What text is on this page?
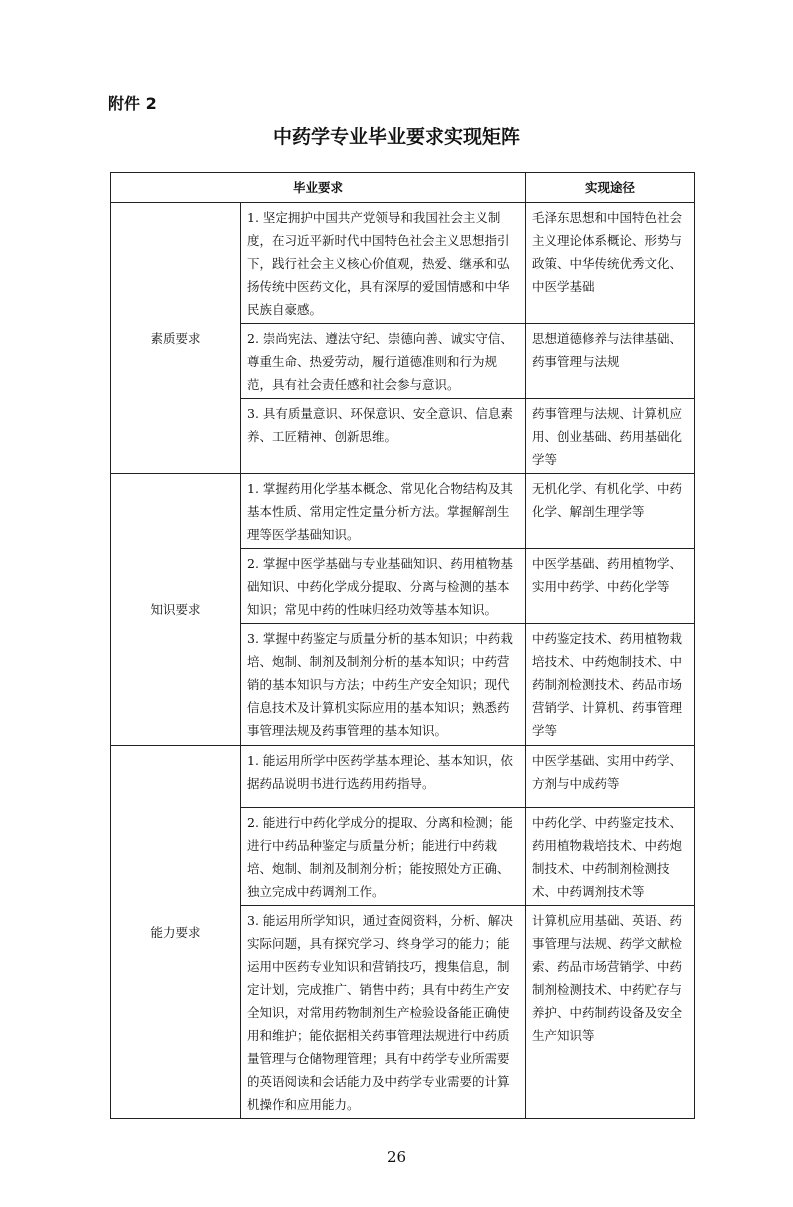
附件 2
中药学专业毕业要求实现矩阵
毕业要求		实现途径
素质要求	1. 坚定拥护中国共产党领导和我国社会主义制度，在习近平新时代中国特色社会主义思想指引下，践行社会主义核心价值观，热爱、继承和弘扬传统中医药文化，具有深厚的爱国情感和中华民族自豪感。	毛泽东思想和中国特色社会主义理论体系概论、形势与政策、中华传统优秀文化、中医学基础
	2. 崇尚宪法、遵法守纪、崇德向善、诚实守信、尊重生命、热爱劳动，履行道德准则和行为规范，具有社会责任感和社会参与意识。	思想道德修养与法律基础、药事管理与法规
	3. 具有质量意识、环保意识、安全意识、信息素养、工匠精神、创新思维。	药事管理与法规、计算机应用、创业基础、药用基础化学等
知识要求	1. 掌握药用化学基本概念、常见化合物结构及其基本性质、常用定性定量分析方法。掌握解剖生理等医学基础知识。	无机化学、有机化学、中药化学、解剖生理学等
	2. 掌握中医学基础与专业基础知识、药用植物基础知识、中药化学成分提取、分离与检测的基本知识；常见中药的性味归经功效等基本知识。	中医学基础、药用植物学、实用中药学、中药化学等
	3. 掌握中药鉴定与质量分析的基本知识；中药栽培、炮制、制剂及制剂分析的基本知识；中药营销的基本知识与方法；中药生产安全知识；现代信息技术及计算机实际应用的基本知识；熟悉药事管理法规及药事管理的基本知识。	中药鉴定技术、药用植物栽培技术、中药炮制技术、中药制剂检测技术、药品市场营销学、计算机、药事管理学等
能力要求	1. 能运用所学中医药学基本理论、基本知识，依据药品说明书进行选药用药指导。	中医学基础、实用中药学、方剂与中成药等
	2. 能进行中药化学成分的提取、分离和检测；能进行中药品种鉴定与质量分析；能进行中药栽培、炮制、制剂及制剂分析；能按照处方正确、独立完成中药调剂工作。	中药化学、中药鉴定技术、药用植物栽培技术、中药炮制技术、中药制剂检测技术、中药调剂技术等
	3. 能运用所学知识，通过查阅资料，分析、解决实际问题，具有探究学习、终身学习的能力；能运用中医药专业知识和营销技巧，搜集信息，制定计划，完成推广、销售中药；具有中药生产安全知识，对常用药物制剂生产检验设备能正确使用和维护；能依据相关药事管理法规进行中药质量管理与仓储物理管理；具有中药学专业所需要的英语阅读和会话能力及中药学专业需要的计算机操作和应用能力。	计算机应用基础、英语、药事管理与法规、药学文献检索、药品市场营销学、中药制剂检测技术、中药贮存与养护、中药制药设备及安全生产知识等
26
